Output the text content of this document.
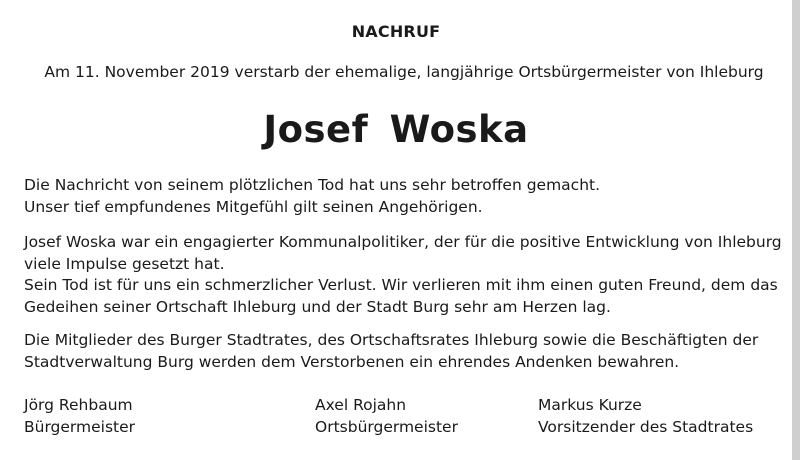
NACHRUF
Am 11. November 2019 verstarb der ehemalige, langjährige Ortsbürgermeister von Ihleburg
Josef Woska
Die Nachricht von seinem plötzlichen Tod hat uns sehr betroffen gemacht.
Unser tief empfundenes Mitgefühl gilt seinen Angehörigen.
Josef Woska war ein engagierter Kommunalpolitiker, der für die positive Entwicklung von Ihleburg
viele Impulse gesetzt hat.
Sein Tod ist für uns ein schmerzlicher Verlust. Wir verlieren mit ihm einen guten Freund, dem das
Gedeihen seiner Ortschaft Ihleburg und der Stadt Burg sehr am Herzen lag.
Die Mitglieder des Burger Stadtrates, des Ortschaftsrates Ihleburg sowie die Beschäftigten der
Stadtverwaltung Burg werden dem Verstorbenen ein ehrendes Andenken bewahren.
Jörg Rehbaum
Bürgermeister
Axel Rojahn
Ortsbürgermeister
Markus Kurze
Vorsitzender des Stadtrates
